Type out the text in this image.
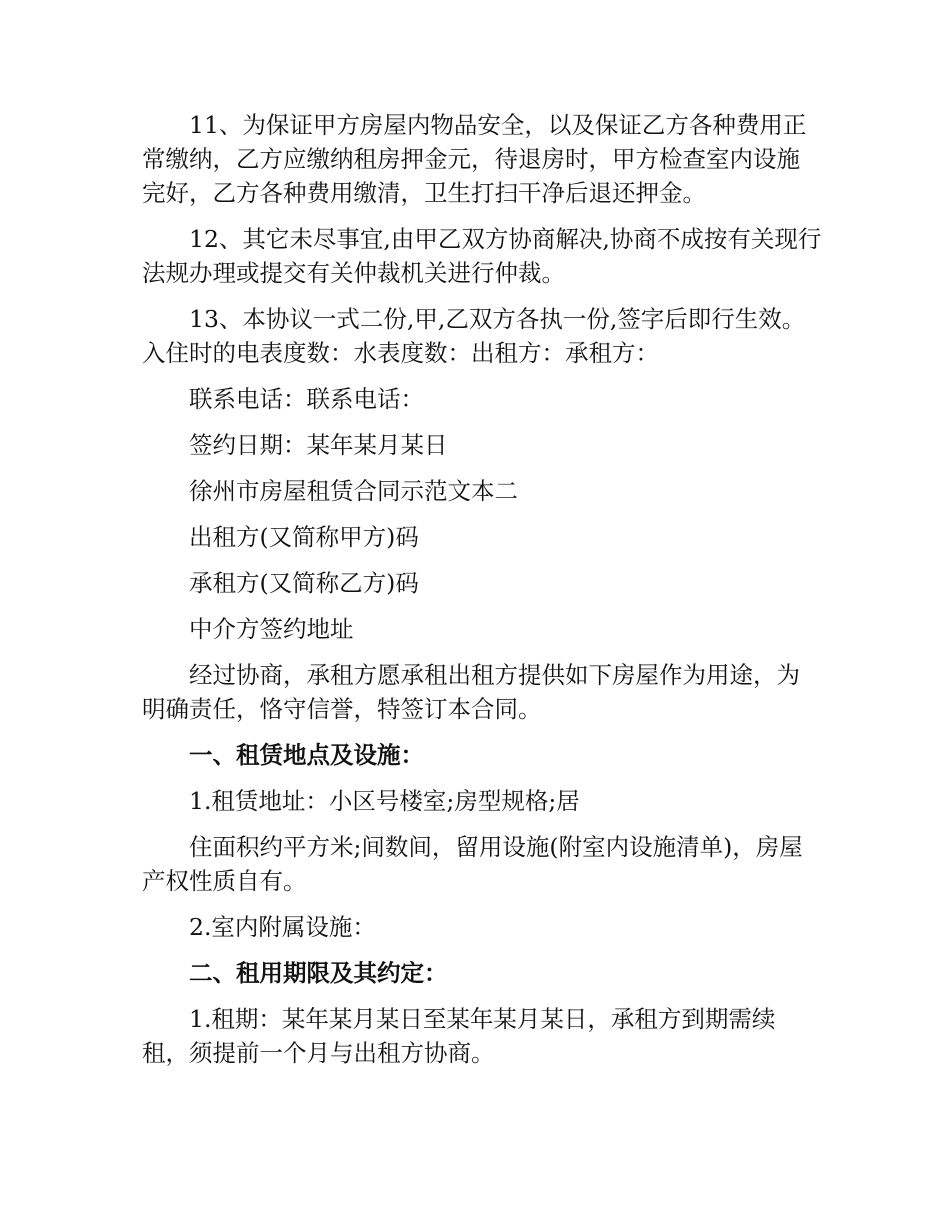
11、为保证甲方房屋内物品安全，以及保证乙方各种费用正常缴纳，乙方应缴纳租房押金元，待退房时，甲方检查室内设施完好，乙方各种费用缴清，卫生打扫干净后退还押金。

12、其它未尽事宜,由甲乙双方协商解决,协商不成按有关现行法规办理或提交有关仲裁机关进行仲裁。

13、本协议一式二份,甲,乙双方各执一份,签字后即行生效。入住时的电表度数：水表度数：出租方：承租方：

联系电话：联系电话：

签约日期：某年某月某日

徐州市房屋租赁合同示范文本二

出租方(又简称甲方)码

承租方(又简称乙方)码

中介方签约地址

经过协商，承租方愿承租出租方提供如下房屋作为用途，为明确责任，恪守信誉，特签订本合同。

一、租赁地点及设施：

1.租赁地址：小区号楼室;房型规格;居

住面积约平方米;间数间，留用设施(附室内设施清单)，房屋产权性质自有。

2.室内附属设施：

二、租用期限及其约定：

1.租期：某年某月某日至某年某月某日，承租方到期需续租，须提前一个月与出租方协商。
